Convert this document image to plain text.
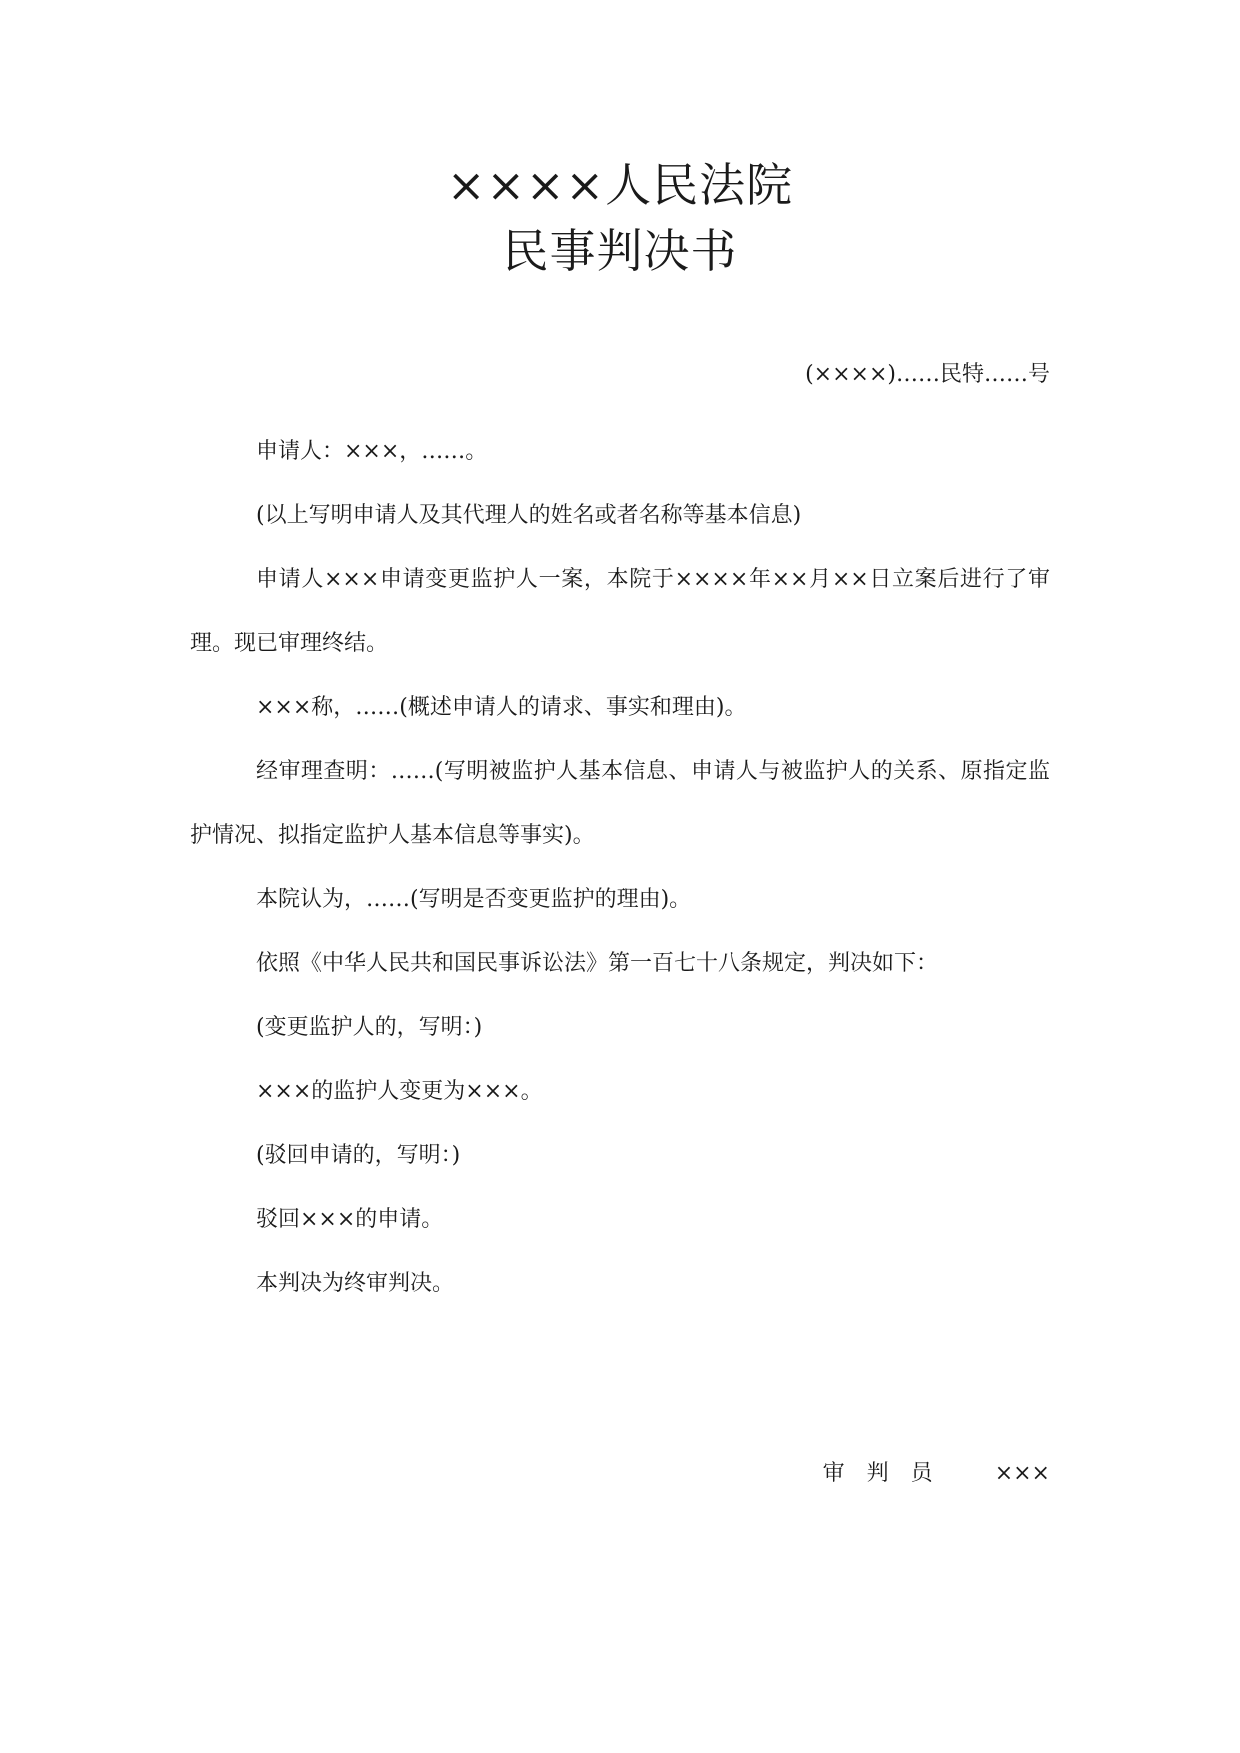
××××人民法院
民事判决书
(××××)……民特……号

申请人：×××，……。

(以上写明申请人及其代理人的姓名或者名称等基本信息)

申请人×××申请变更监护人一案，本院于××××年××月××日立案后进行了审理。现已审理终结。

×××称，……(概述申请人的请求、事实和理由)。

经审理查明：……(写明被监护人基本信息、申请人与被监护人的关系、原指定监护情况、拟指定监护人基本信息等事实)。

本院认为，……(写明是否变更监护的理由)。

依照《中华人民共和国民事诉讼法》第一百七十八条规定，判决如下：

(变更监护人的，写明：)

×××的监护人变更为×××。

(驳回申请的，写明：)

驳回×××的申请。

本判决为终审判决。

审判员 ×××
